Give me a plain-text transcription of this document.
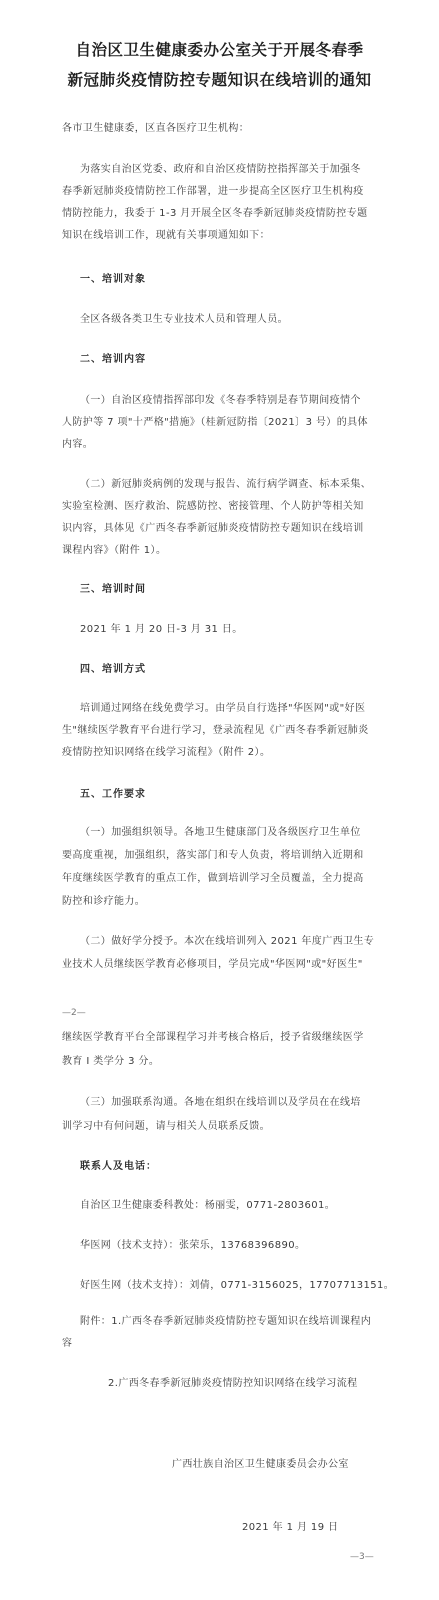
自治区卫生健康委办公室关于开展冬春季
新冠肺炎疫情防控专题知识在线培训的通知
各市卫生健康委，区直各医疗卫生机构：
为落实自治区党委、政府和自治区疫情防控指挥部关于加强冬
春季新冠肺炎疫情防控工作部署，进一步提高全区医疗卫生机构疫
情防控能力，我委于 1-3 月开展全区冬春季新冠肺炎疫情防控专题
知识在线培训工作，现就有关事项通知如下：
一、培训对象
全区各级各类卫生专业技术人员和管理人员。
二、培训内容
（一）自治区疫情指挥部印发《冬春季特别是春节期间疫情个
人防护等 7 项"十严格"措施》（桂新冠防指〔2021〕3 号）的具体
内容。
（二）新冠肺炎病例的发现与报告、流行病学调查、标本采集、
实验室检测、医疗救治、院感防控、密接管理、个人防护等相关知
识内容，具体见《广西冬春季新冠肺炎疫情防控专题知识在线培训
课程内容》（附件 1）。
三、培训时间
2021 年 1 月 20 日-3 月 31 日。
四、培训方式
培训通过网络在线免费学习。由学员自行选择"华医网"或"好医
生"继续医学教育平台进行学习，登录流程见《广西冬春季新冠肺炎
疫情防控知识网络在线学习流程》（附件 2）。
五、工作要求
（一）加强组织领导。各地卫生健康部门及各级医疗卫生单位
要高度重视，加强组织，落实部门和专人负责，将培训纳入近期和
年度继续医学教育的重点工作，做到培训学习全员覆盖，全力提高
防控和诊疗能力。
（二）做好学分授予。本次在线培训列入 2021 年度广西卫生专
业技术人员继续医学教育必修项目，学员完成"华医网"或"好医生"
—2—
继续医学教育平台全部课程学习并考核合格后，授予省级继续医学
教育 I 类学分 3 分。
（三）加强联系沟通。各地在组织在线培训以及学员在在线培
训学习中有何问题，请与相关人员联系反馈。
联系人及电话：
自治区卫生健康委科教处：杨丽雯，0771-2803601。
华医网（技术支持）：张荣乐，13768396890。
好医生网（技术支持）：刘倩，0771-3156025，17707713151。
附件：1.广西冬春季新冠肺炎疫情防控专题知识在线培训课程内
容
2.广西冬春季新冠肺炎疫情防控知识网络在线学习流程
广西壮族自治区卫生健康委员会办公室
2021 年 1 月 19 日
—3—
